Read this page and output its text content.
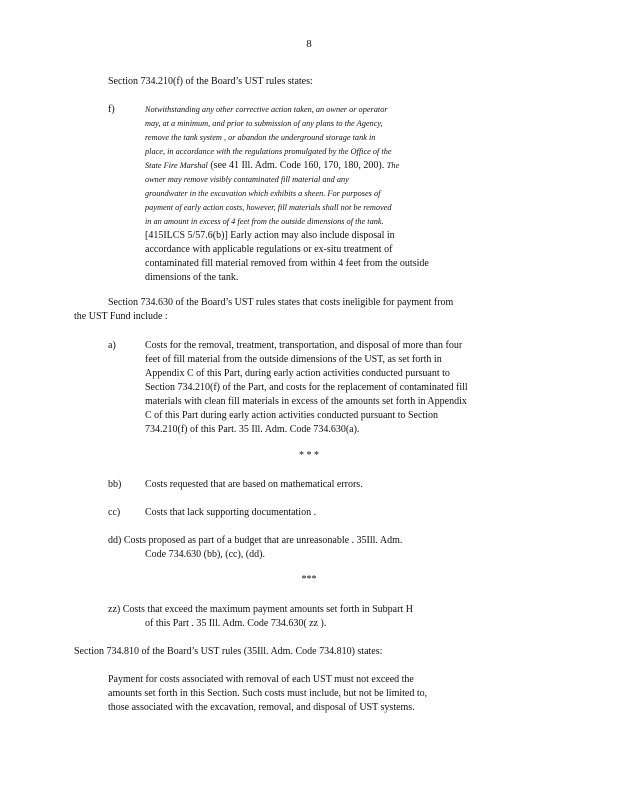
8

Section 734.210(f) of the Board’s UST rules states:

f)	Notwithstanding any other corrective action taken, an owner or operator
may, at a minimum, and prior to submission of any plans to the Agency,
remove the tank system , or abandon the underground storage tank in
place, in accordance with the regulations promulgated by the Office of the
State Fire Marshal (see 41 Ill. Adm. Code 160, 170, 180, 200). The
owner may remove visibly contaminated fill material and any
groundwater in the excavation which exhibits a sheen. For purposes of
payment of early action costs, however, fill materials shall not be removed
in an amount in excess of 4 feet from the outside dimensions of the tank.
[415ILCS 5/57.6(b)] Early action may also include disposal in
accordance with applicable regulations or ex-situ treatment of
contaminated fill material removed from within 4 feet from the outside
dimensions of the tank.
Section 734.630 of the Board’s UST rules states that costs ineligible for payment from
the UST Fund include :
a)	Costs for the removal, treatment, transportation, and disposal of more than four
feet of fill material from the outside dimensions of the UST, as set forth in
Appendix C of this Part, during early action activities conducted pursuant to
Section 734.210(f) of the Part, and costs for the replacement of contaminated fill
materials with clean fill materials in excess of the amounts set forth in Appendix
C of this Part during early action activities conducted pursuant to Section
734.210(f) of this Part. 35 Ill. Adm. Code 734.630(a).
* * *
bb) Costs requested that are based on mathematical errors.
cc) Costs that lack supporting documentation .
dd) Costs proposed as part of a budget that are unreasonable . 35Ill. Adm.
Code 734.630 (bb), (cc), (dd).
***
zz) Costs that exceed the maximum payment amounts set forth in Subpart H
of this Part . 35 Ill. Adm. Code 734.630( zz ).

Section 734.810 of the Board’s UST rules (35Ill. Adm. Code 734.810) states:

Payment for costs associated with removal of each UST must not exceed the
amounts set forth in this Section. Such costs must include, but not be limited to,
those associated with the excavation, removal, and disposal of UST systems.
